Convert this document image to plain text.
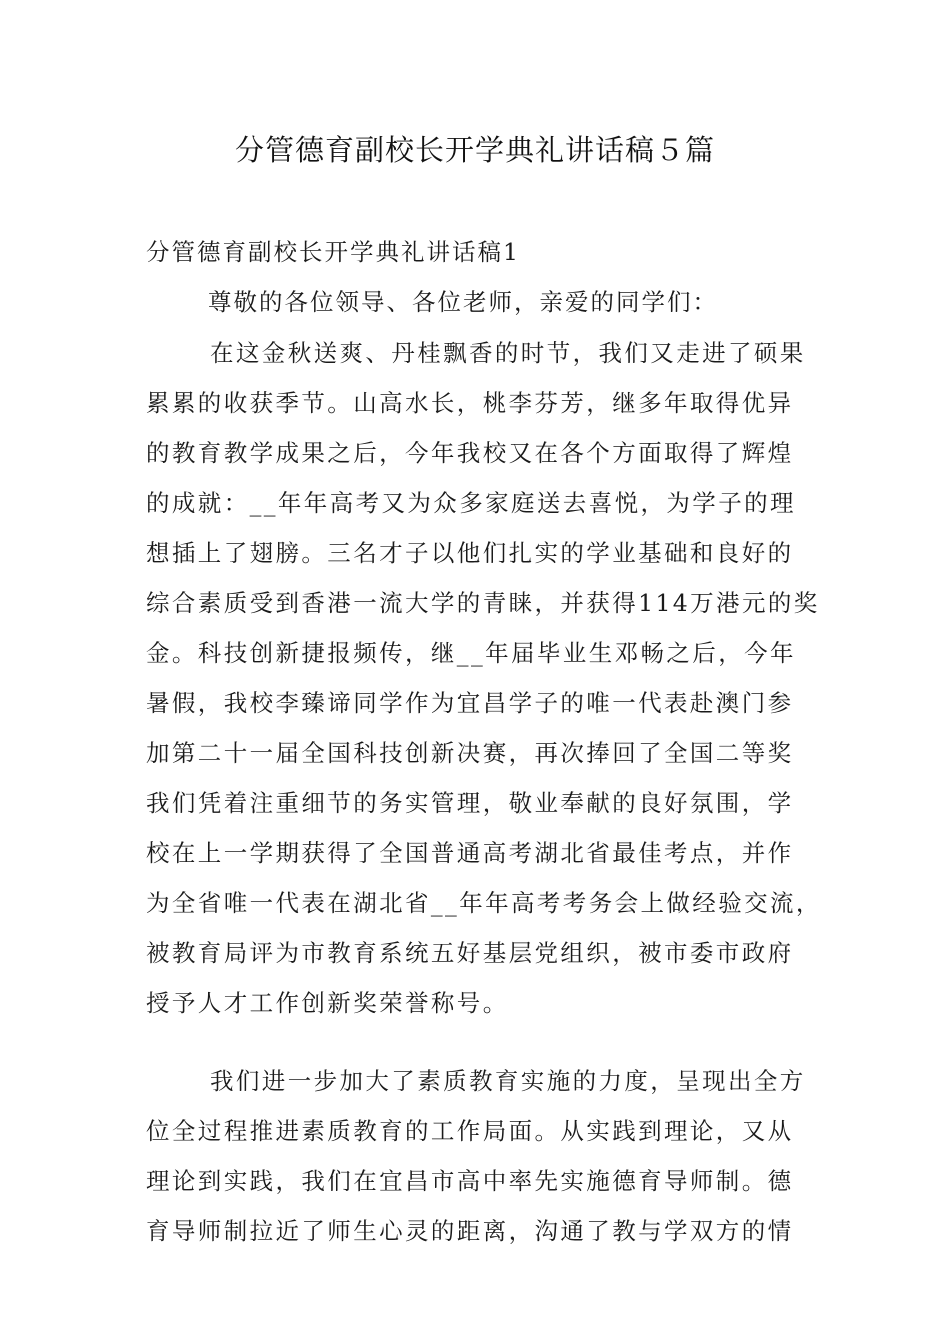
分管德育副校长开学典礼讲话稿５篇
分管德育副校长开学典礼讲话稿1

尊敬的各位领导、各位老师，亲爱的同学们：

在这金秋送爽、丹桂飘香的时节，我们又走进了硕果
累累的收获季节。山高水长，桃李芬芳，继多年取得优异
的教育教学成果之后，今年我校又在各个方面取得了辉煌
的成就：__年年高考又为众多家庭送去喜悦，为学子的理
想插上了翅膀。三名才子以他们扎实的学业基础和良好的
综合素质受到香港一流大学的青睐，并获得114万港元的奖
金。科技创新捷报频传，继__年届毕业生邓畅之后，今年
暑假，我校李臻谛同学作为宜昌学子的唯一代表赴澳门参
加第二十一届全国科技创新决赛，再次捧回了全国二等奖
我们凭着注重细节的务实管理，敬业奉献的良好氛围，学
校在上一学期获得了全国普通高考湖北省最佳考点，并作
为全省唯一代表在湖北省__年年高考考务会上做经验交流，
被教育局评为市教育系统五好基层党组织，被市委市政府
授予人才工作创新奖荣誉称号。

我们进一步加大了素质教育实施的力度，呈现出全方
位全过程推进素质教育的工作局面。从实践到理论，又从
理论到实践，我们在宜昌市高中率先实施德育导师制。德
育导师制拉近了师生心灵的距离，沟通了教与学双方的情
